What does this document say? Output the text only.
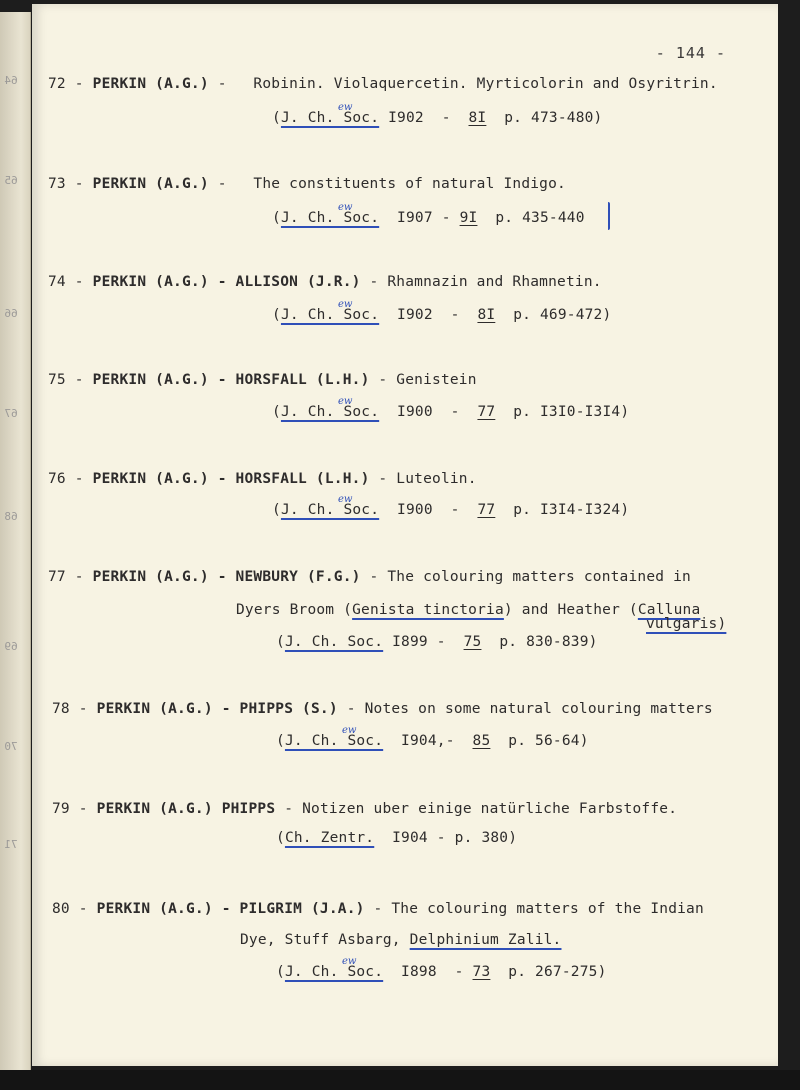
64
65
66
67
68
69
70
71
- 144 -
72 - PERKIN (A.G.) -   Robinin. Violaquercetin. Myrticolorin and Osyritrin.
(J. Ch. Soc. I902  -  8I p. 473-480)
ew
73 - PERKIN (A.G.) -   The constituents of natural Indigo.
(J. Ch. Soc. I907 - 9I p. 435-440
ew
74 - PERKIN (A.G.) - ALLISON (J.R.) - Rhamnazin and Rhamnetin.
(J. Ch. Soc. I902  -  8I p. 469-472)
ew
75 - PERKIN (A.G.) - HORSFALL (L.H.) - Genistein
(J. Ch. Soc. I900  -  77 p. I3I0-I3I4)
ew
76 - PERKIN (A.G.) - HORSFALL (L.H.) - Luteolin.
(J. Ch. Soc. I900  -  77 p. I3I4-I324)
ew
77 - PERKIN (A.G.) - NEWBURY (F.G.) - The colouring matters contained in
Dyers Broom (Genista tinctoria) and Heather (Calluna
vulgaris)
(J. Ch. Soc. I899 -  75 p. 830-839)
78 - PERKIN (A.G.) - PHIPPS (S.) - Notes on some natural colouring matters
(J. Ch. Soc. I904,- 85 p. 56-64)
ew
79 - PERKIN (A.G.) PHIPPS - Notizen uber einige natürliche Farbstoffe.
(Ch. Zentr. I904 - p. 380)
80 - PERKIN (A.G.) - PILGRIM (J.A.) - The colouring matters of the Indian
Dye, Stuff Asbarg, Delphinium Zalil.
(J. Ch. Soc. I898  - 73 p. 267-275)
ew
